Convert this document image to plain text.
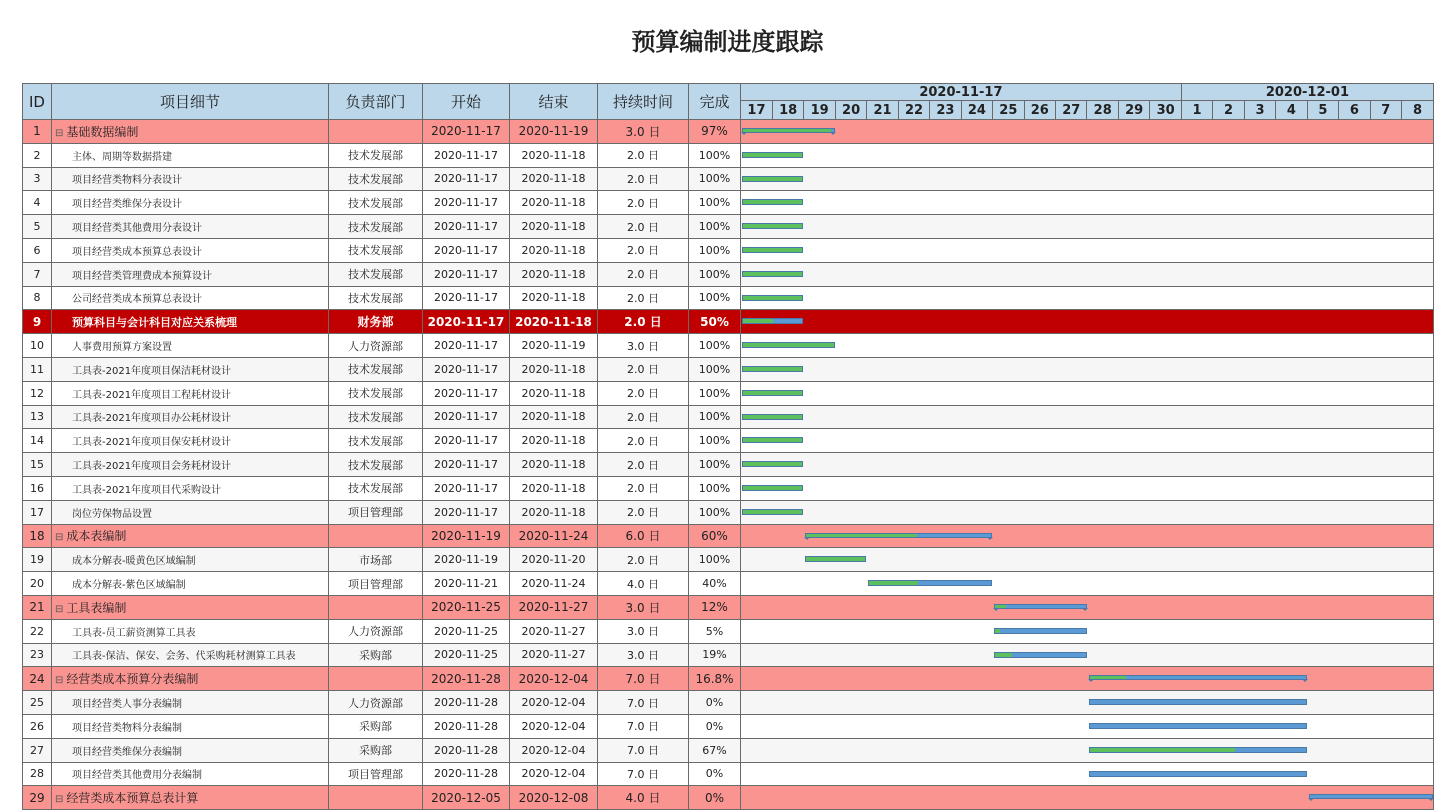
预算编制进度跟踪
ID	项目细节	负责部门	开始	结束	持续时间	完成	
2020-11-17	2020-12-01
17	18	19	20	21	22	23	24	25	26	27	28	29	30	1	2	3	4	5	6	7	8

1	⊟ 基础数据编制		2020-11-17	2020-11-19	3.0 日	97%	

2	主体、周期等数据搭建	技术发展部	2020-11-17	2020-11-18	2.0 日	100%	

3	项目经营类物料分表设计	技术发展部	2020-11-17	2020-11-18	2.0 日	100%	

4	项目经营类维保分表设计	技术发展部	2020-11-17	2020-11-18	2.0 日	100%	

5	项目经营类其他费用分表设计	技术发展部	2020-11-17	2020-11-18	2.0 日	100%	

6	项目经营类成本预算总表设计	技术发展部	2020-11-17	2020-11-18	2.0 日	100%	

7	项目经营类管理费成本预算设计	技术发展部	2020-11-17	2020-11-18	2.0 日	100%	

8	公司经营类成本预算总表设计	技术发展部	2020-11-17	2020-11-18	2.0 日	100%	

9	预算科目与会计科目对应关系梳理	财务部	2020-11-17	2020-11-18	2.0 日	50%	

10	人事费用预算方案设置	人力资源部	2020-11-17	2020-11-19	3.0 日	100%	

11	工具表-2021年度项目保洁耗材设计	技术发展部	2020-11-17	2020-11-18	2.0 日	100%	

12	工具表-2021年度项目工程耗材设计	技术发展部	2020-11-17	2020-11-18	2.0 日	100%	

13	工具表-2021年度项目办公耗材设计	技术发展部	2020-11-17	2020-11-18	2.0 日	100%	

14	工具表-2021年度项目保安耗材设计	技术发展部	2020-11-17	2020-11-18	2.0 日	100%	

15	工具表-2021年度项目会务耗材设计	技术发展部	2020-11-17	2020-11-18	2.0 日	100%	

16	工具表-2021年度项目代采购设计	技术发展部	2020-11-17	2020-11-18	2.0 日	100%	

17	岗位劳保物品设置	项目管理部	2020-11-17	2020-11-18	2.0 日	100%	

18	⊟ 成本表编制		2020-11-19	2020-11-24	6.0 日	60%	

19	成本分解表-暖黄色区域编制	市场部	2020-11-19	2020-11-20	2.0 日	100%	

20	成本分解表-紫色区域编制	项目管理部	2020-11-21	2020-11-24	4.0 日	40%	

21	⊟ 工具表编制		2020-11-25	2020-11-27	3.0 日	12%	

22	工具表-员工薪资测算工具表	人力资源部	2020-11-25	2020-11-27	3.0 日	5%	

23	工具表-保洁、保安、会务、代采购耗材测算工具表	采购部	2020-11-25	2020-11-27	3.0 日	19%	

24	⊟ 经营类成本预算分表编制		2020-11-28	2020-12-04	7.0 日	16.8%	

25	项目经营类人事分表编制	人力资源部	2020-11-28	2020-12-04	7.0 日	0%	

26	项目经营类物料分表编制	采购部	2020-11-28	2020-12-04	7.0 日	0%	

27	项目经营类维保分表编制	采购部	2020-11-28	2020-12-04	7.0 日	67%	

28	项目经营类其他费用分表编制	项目管理部	2020-11-28	2020-12-04	7.0 日	0%	

29	⊟ 经营类成本预算总表计算		2020-12-05	2020-12-08	4.0 日	0%	
